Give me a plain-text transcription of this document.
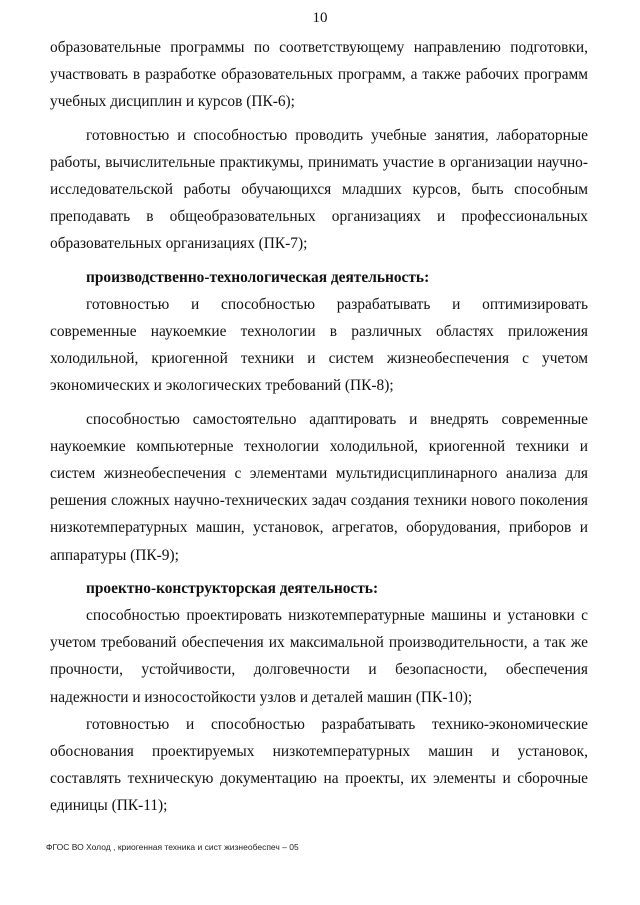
10

образовательные программы по соответствующему направлению подготовки, участвовать в разработке образовательных программ, а также рабочих программ учебных дисциплин и курсов (ПК-6);

готовностью и способностью проводить учебные занятия, лабораторные работы, вычислительные практикумы, принимать участие в организации научно-исследовательской работы обучающихся младших курсов, быть способным преподавать в общеобразовательных организациях и профессиональных образовательных организациях (ПК-7);

производственно-технологическая деятельность:

готовностью и способностью разрабатывать и оптимизировать современные наукоемкие технологии в различных областях приложения холодильной, криогенной техники и систем жизнеобеспечения с учетом экономических и экологических требований (ПК-8);

способностью самостоятельно адаптировать и внедрять современные наукоемкие компьютерные технологии холодильной, криогенной техники и систем жизнеобеспечения с элементами мультидисциплинарного анализа для решения сложных научно-технических задач создания техники нового поколения низкотемпературных машин, установок, агрегатов, оборудования, приборов и аппаратуры (ПК-9);

проектно-конструкторская деятельность:

способностью проектировать низкотемпературные машины и установки с учетом требований обеспечения их максимальной производительности, а так же прочности, устойчивости, долговечности и безопасности, обеспечения надежности и износостойкости узлов и деталей машин (ПК-10);

готовностью и способностью разрабатывать технико-экономические обоснования проектируемых низкотемпературных машин и установок, составлять техническую документацию на проекты, их элементы и сборочные единицы (ПК-11);

ФГОС ВО Холод , криогенная техника и сист жизнеобеспеч – 05
